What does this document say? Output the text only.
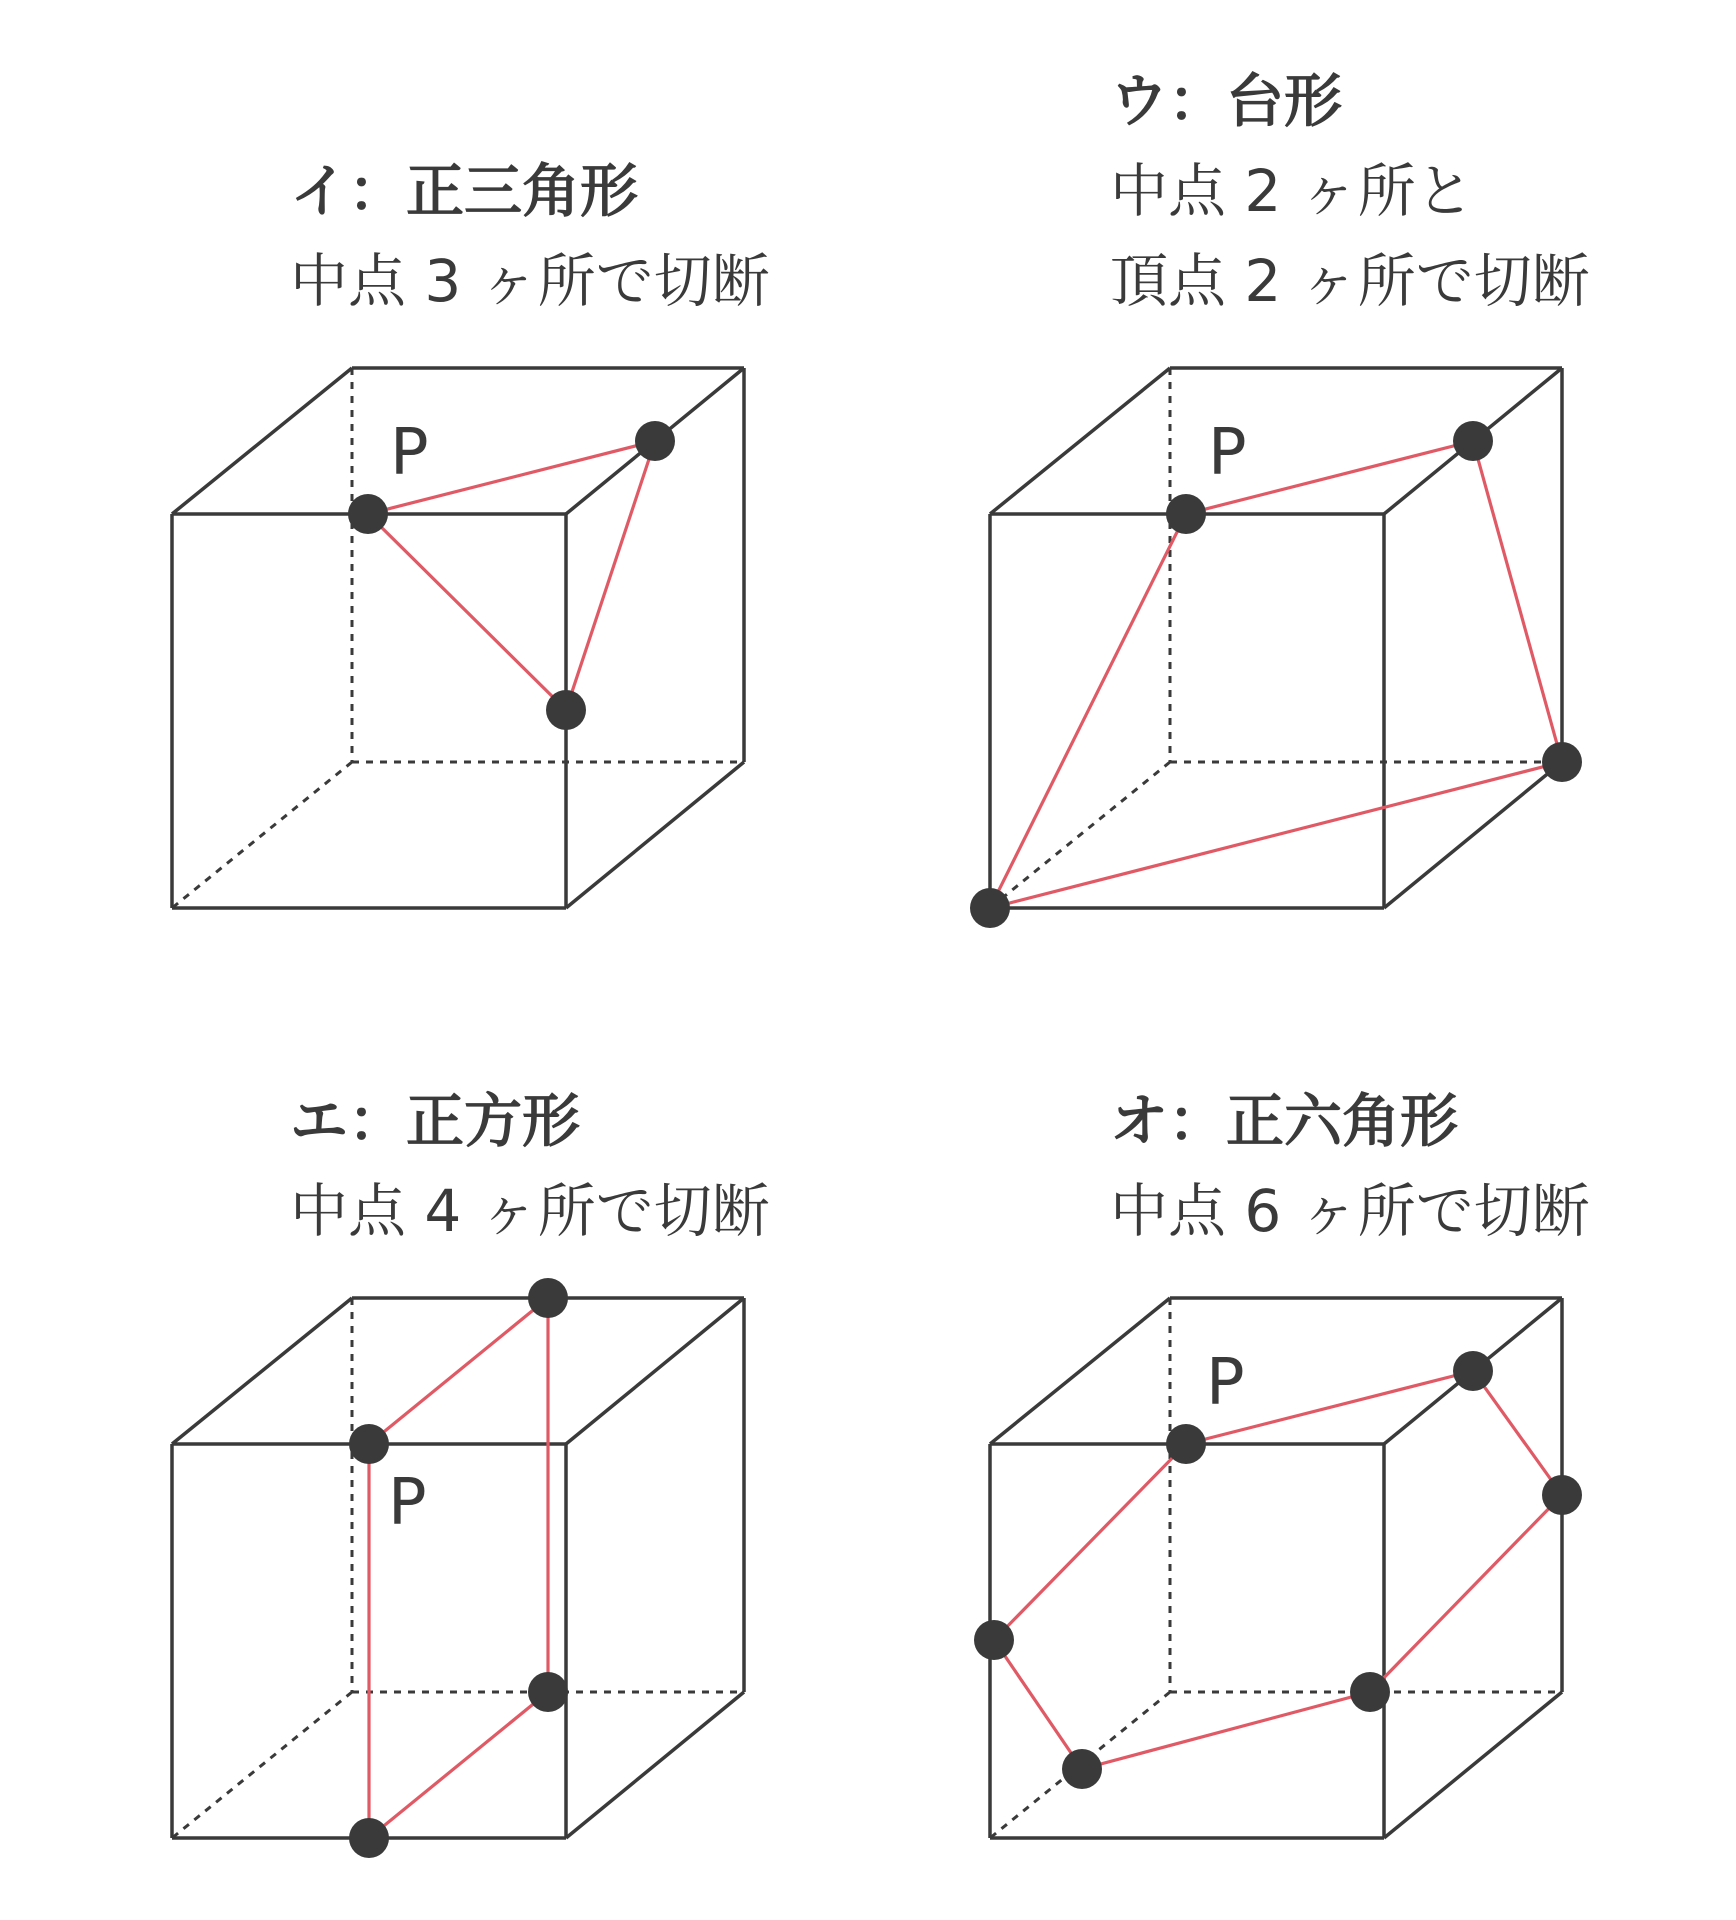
イ：正三角形
中点 3 ヶ所で切断
P
ウ：台形
中点 2 ヶ所と
頂点 2 ヶ所で切断
P
エ：正方形
中点 4 ヶ所で切断
P
オ：正六角形
中点 6 ヶ所で切断
P
